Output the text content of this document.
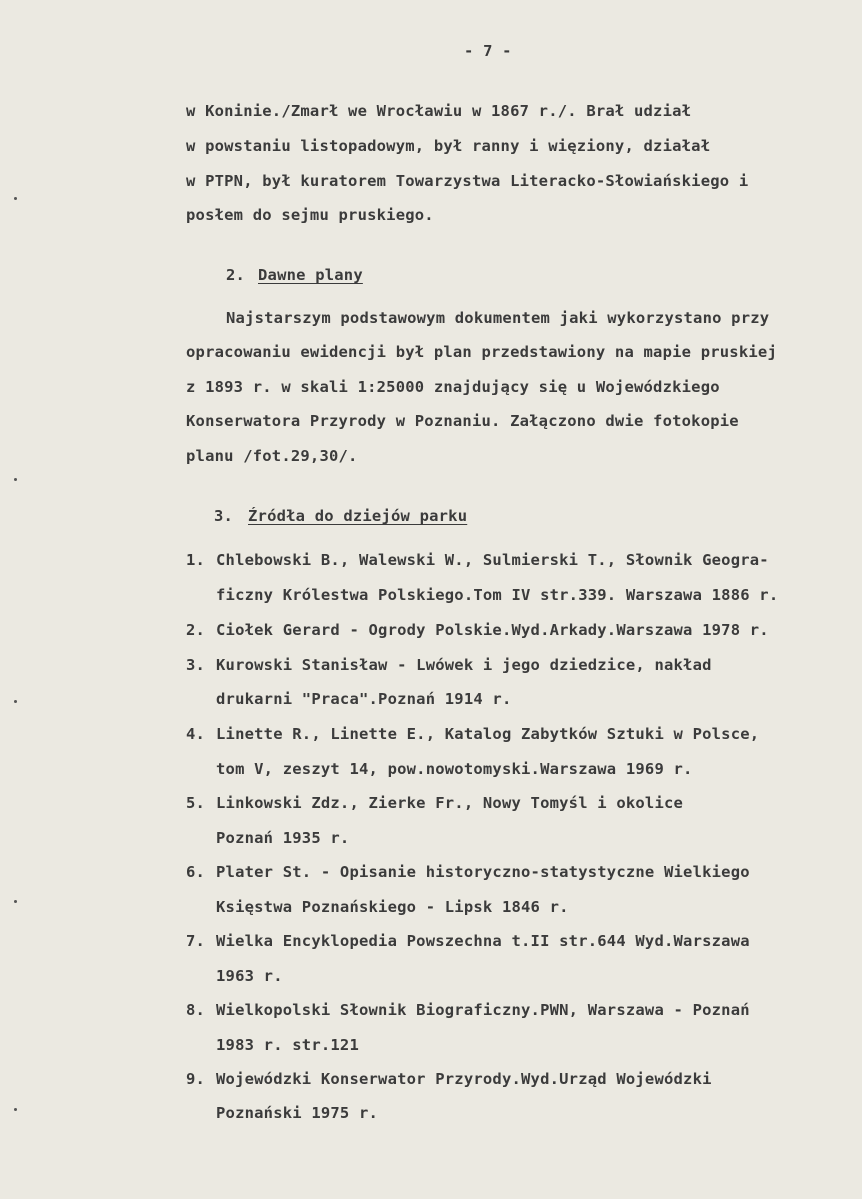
- 7 -
w Koninie./Zmarł we Wrocławiu w 1867 r./. Brał udział
w powstaniu listopadowym, był ranny i więziony, działał
w PTPN, był kuratorem Towarzystwa Literacko-Słowiańskiego i
posłem do sejmu pruskiego.
2. Dawne plany
Najstarszym podstawowym dokumentem jaki wykorzystano przy
opracowaniu ewidencji był plan przedstawiony na mapie pruskiej
z 1893 r. w skali 1:25000 znajdujący się u Wojewódzkiego
Konserwatora Przyrody w Poznaniu. Załączono dwie fotokopie
planu /fot.29,30/.
3. Źródła do dziejów parku
1. Chlebowski B., Walewski W., Sulmierski T., Słownik Geogra-
ficzny Królestwa Polskiego.Tom IV str.339. Warszawa 1886 r.
2. Ciołek Gerard - Ogrody Polskie.Wyd.Arkady.Warszawa 1978 r.
3. Kurowski Stanisław - Lwówek i jego dziedzice, nakład
drukarni "Praca".Poznań 1914 r.
4. Linette R., Linette E., Katalog Zabytków Sztuki w Polsce,
tom V, zeszyt 14, pow.nowotomyski.Warszawa 1969 r.
5. Linkowski Zdz., Zierke Fr., Nowy Tomyśl i okolice
Poznań 1935 r.
6. Plater St. - Opisanie historyczno-statystyczne Wielkiego
Księstwa Poznańskiego - Lipsk 1846 r.
7. Wielka Encyklopedia Powszechna t.II str.644 Wyd.Warszawa
1963 r.
8. Wielkopolski Słownik Biograficzny.PWN, Warszawa - Poznań
1983 r. str.121
9. Wojewódzki Konserwator Przyrody.Wyd.Urząd Wojewódzki
Poznański 1975 r.
